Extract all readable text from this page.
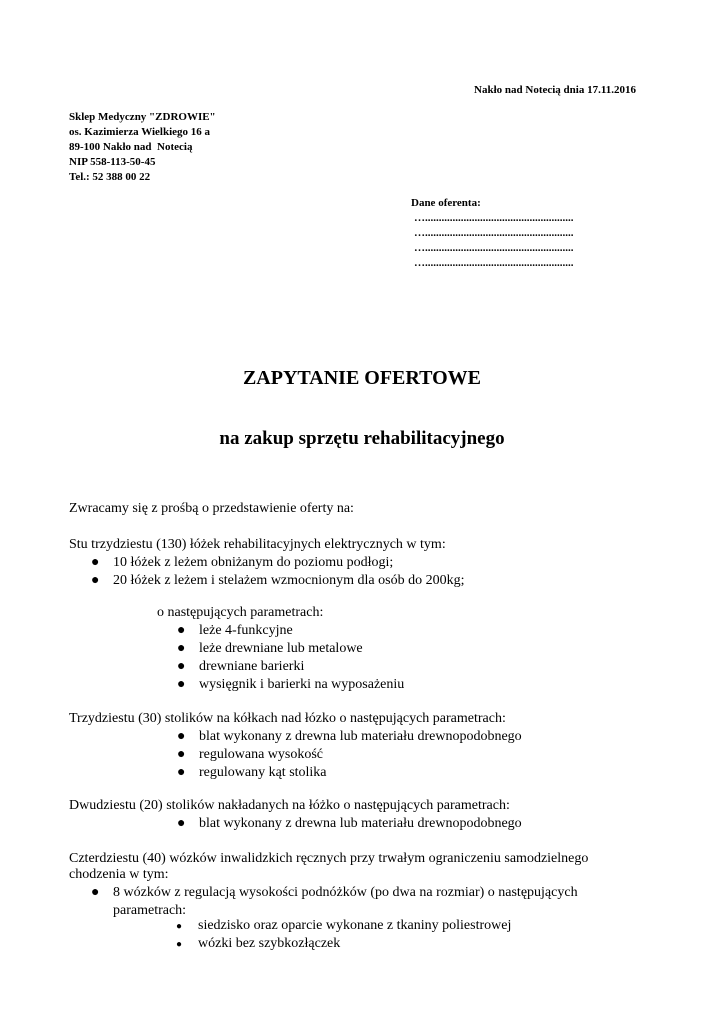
Nakło nad Notecią dnia 17.11.2016
Sklep Medyczny "ZDROWIE"
os. Kazimierza Wielkiego 16 a
89-100 Nakło nad  Notecią
NIP 558-113-50-45
Tel.: 52 388 00 22
Dane oferenta:
…......................................................
…......................................................
…......................................................
…......................................................
ZAPYTANIE OFERTOWE
na zakup sprzętu rehabilitacyjnego
Zwracamy się z prośbą o przedstawienie oferty na:
Stu trzydziestu (130) łóżek rehabilitacyjnych elektrycznych w tym:
● 10 łóżek z leżem obniżanym do poziomu podłogi;
● 20 łóżek z leżem i stelażem wzmocnionym dla osób do 200kg;
o następujących parametrach:
● leże 4-funkcyjne
● leże drewniane lub metalowe
● drewniane barierki
● wysięgnik i barierki na wyposażeniu
Trzydziestu (30) stolików na kółkach nad łózko o następujących parametrach:
● blat wykonany z drewna lub materiału drewnopodobnego
● regulowana wysokość
● regulowany kąt stolika
Dwudziestu (20) stolików nakładanych na łóżko o następujących parametrach:
● blat wykonany z drewna lub materiału drewnopodobnego
Czterdziestu (40) wózków inwalidzkich ręcznych przy trwałym ograniczeniu samodzielnego
chodzenia w tym:
● 8 wózków z regulacją wysokości podnóżków (po dwa na rozmiar) o następujących
parametrach:
● siedzisko oraz oparcie wykonane z tkaniny poliestrowej
● wózki bez szybkozłączek
